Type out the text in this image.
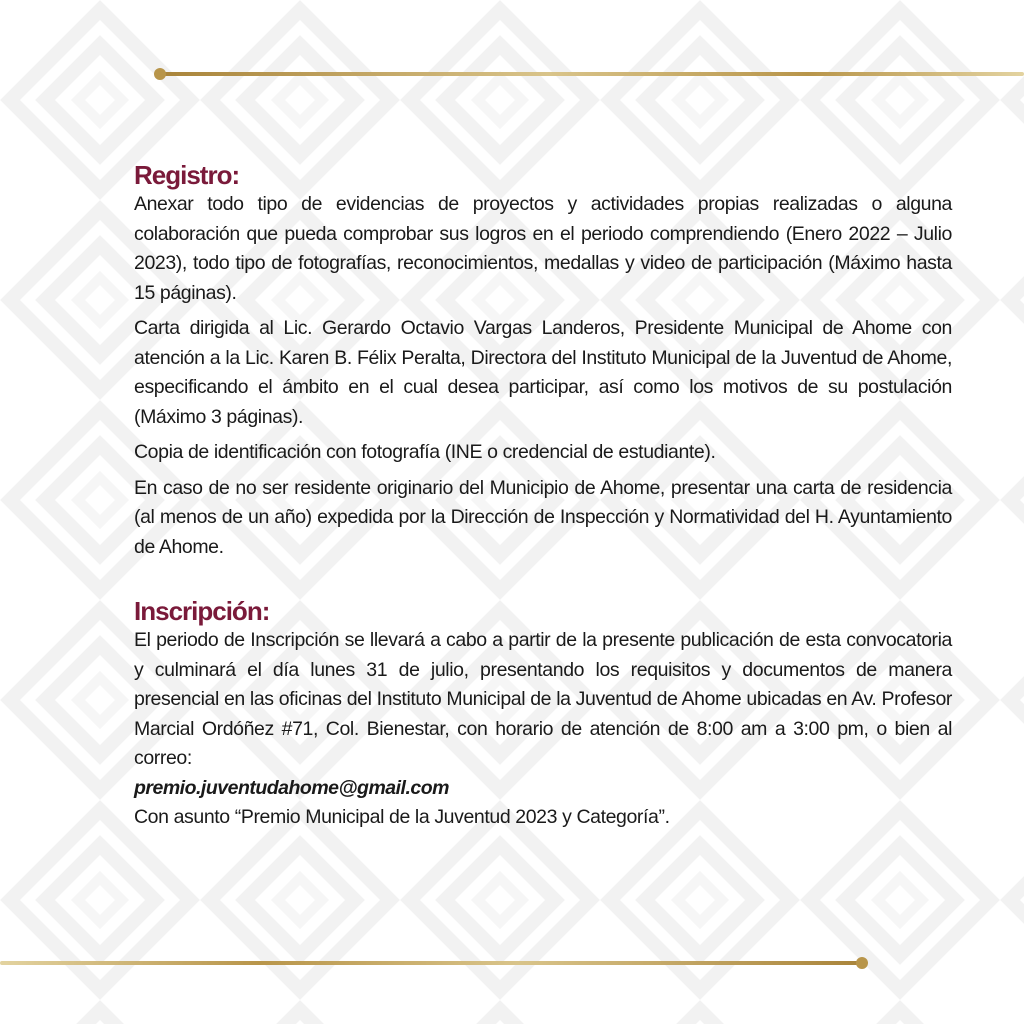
Registro:

Anexar todo tipo de evidencias de proyectos y actividades propias realizadas o alguna colaboración que pueda comprobar sus logros en el periodo comprendiendo (Enero 2022 – Julio 2023), todo tipo de fotografías, reconocimientos, medallas y video de participación (Máximo hasta 15 páginas).

Carta dirigida al Lic. Gerardo Octavio Vargas Landeros, Presidente Municipal de Ahome con atención a la Lic. Karen B. Félix Peralta, Directora del Instituto Municipal de la Juventud de Ahome, especificando el ámbito en el cual desea participar, así como los motivos de su postulación (Máximo 3 páginas).

Copia de identificación con fotografía (INE o credencial de estudiante).

En caso de no ser residente originario del Municipio de Ahome, presentar una carta de residencia (al menos de un año) expedida por la Dirección de Inspección y Normatividad del H. Ayuntamiento de Ahome.

Inscripción:

El periodo de Inscripción se llevará a cabo a partir de la presente publicación de esta convocatoria y culminará el día lunes 31 de julio, presentando los requisitos y documentos de manera presencial en las oficinas del Instituto Municipal de la Juventud de Ahome ubicadas en Av. Profesor Marcial Ordóñez #71, Col. Bienestar, con horario de atención de 8:00 am a 3:00 pm, o bien al correo:

premio.juventudahome@gmail.com

Con asunto “Premio Municipal de la Juventud 2023 y Categoría”.
